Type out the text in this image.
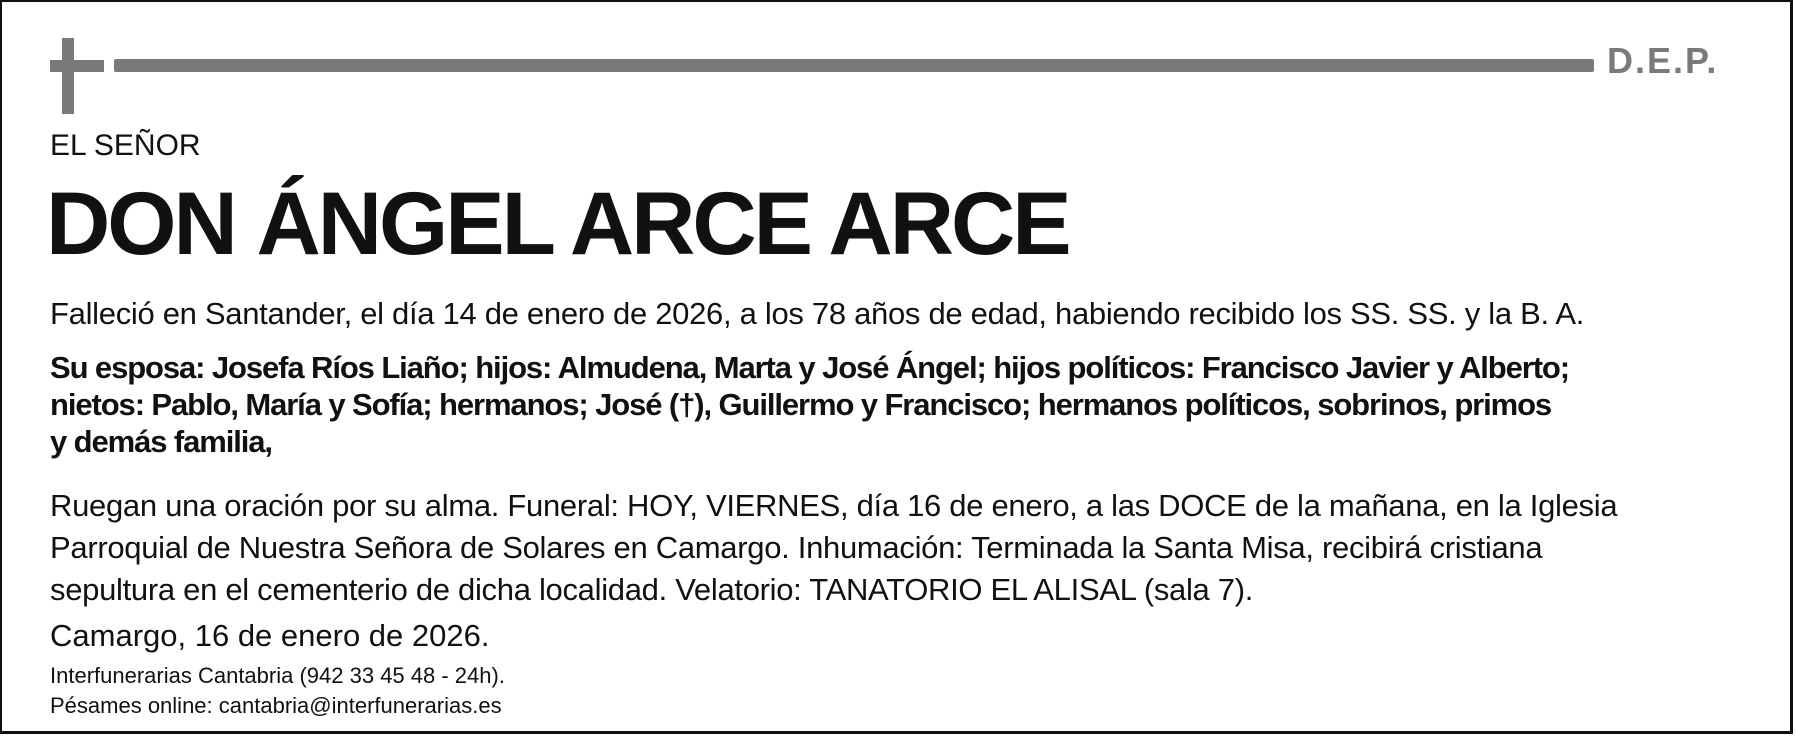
D.E.P.
EL SEÑOR
DON ÁNGEL ARCE ARCE
Falleció en Santander, el día 14 de enero de 2026, a los 78 años de edad, habiendo recibido los SS. SS. y la B. A.
Su esposa: Josefa Ríos Liaño; hijos: Almudena, Marta y José Ángel; hijos políticos: Francisco Javier y Alberto;
nietos: Pablo, María y Sofía; hermanos; José (†), Guillermo y Francisco; hermanos políticos, sobrinos, primos
y demás familia,
Ruegan una oración por su alma. Funeral: HOY, VIERNES, día 16 de enero, a las DOCE de la mañana, en la Iglesia
Parroquial de Nuestra Señora de Solares en Camargo. Inhumación: Terminada la Santa Misa, recibirá cristiana
sepultura en el cementerio de dicha localidad. Velatorio: TANATORIO EL ALISAL (sala 7).
Camargo, 16 de enero de 2026.
Interfunerarias Cantabria (942 33 45 48 - 24h).
Pésames online: cantabria@interfunerarias.es
